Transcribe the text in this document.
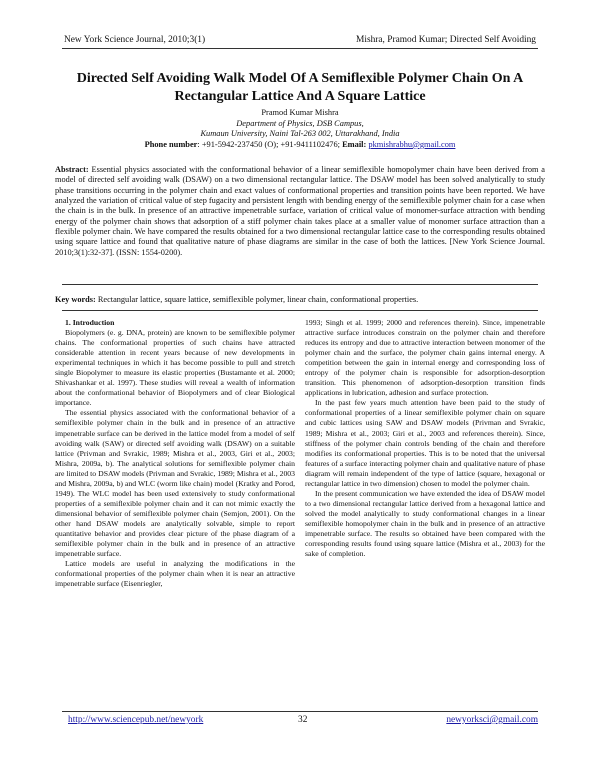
New York Science Journal, 2010;3(1)	Mishra, Pramod Kumar; Directed Self Avoiding
Directed Self Avoiding Walk Model Of A Semiflexible Polymer Chain On A Rectangular Lattice And A Square Lattice
Pramod Kumar Mishra
Department of Physics, DSB Campus,
Kumaun University, Naini Tal-263 002, Uttarakhand, India
Phone number: +91-5942-237450 (O); +91-9411102476; Email: pkmishrabhu@gmail.com

Abstract: Essential physics associated with the conformational behavior of a linear semiflexible homopolymer chain have been derived from a model of directed self avoiding walk (DSAW) on a two dimensional rectangular lattice. The DSAW model has been solved analytically to study phase transitions occurring in the polymer chain and exact values of conformational properties and transition points have been reported. We have analyzed the variation of critical value of step fugacity and persistent length with bending energy of the semiflexible polymer chain for a case when the chain is in the bulk. In presence of an attractive impenetrable surface, variation of critical value of monomer-surface attraction with bending energy of the polymer chain shows that adsorption of a stiff polymer chain takes place at a smaller value of monomer surface attraction than a flexible polymer chain. We have compared the results obtained for a two dimensional rectangular lattice case to the corresponding results obtained using square lattice and found that qualitative nature of phase diagrams are similar in the case of both the lattices. [New York Science Journal. 2010;3(1):32-37]. (ISSN: 1554-0200).

Key words: Rectangular lattice, square lattice, semiflexible polymer, linear chain, conformational properties.

1. Introduction

Biopolymers (e. g. DNA, protein) are known to be semiflexible polymer chains. The conformational properties of such chains have attracted considerable attention in recent years because of new developments in experimental techniques in which it has become possible to pull and stretch single Biopolymer to measure its elastic properties (Bustamante et al. 2000; Shivashankar et al. 1997). These studies will reveal a wealth of information about the conformational behavior of Biopolymers and of clear Biological importance.

The essential physics associated with the conformational behavior of a semiflexible polymer chain in the bulk and in presence of an attractive impenetrable surface can be derived in the lattice model from a model of self avoiding walk (SAW) or directed self avoiding walk (DSAW) on a suitable lattice (Privman and Svrakic, 1989; Mishra et al., 2003, Giri et al., 2003; Mishra, 2009a, b). The analytical solutions for semiflexible polymer chain are limited to DSAW models (Privman and Svrakic, 1989; Mishra et al., 2003 and Mishra, 2009a, b) and WLC (worm like chain) model (Kratky and Porod, 1949). The WLC model has been used extensively to study conformational properties of a semiflexible polymer chain and it can not mimic exactly the dimensional behavior of semiflexible polymer chain (Semjon, 2001). On the other hand DSAW models are analytically solvable, simple to report quantitative behavior and provides clear picture of the phase diagram of a semiflexible polymer chain in the bulk and in presence of an attractive impenetrable surface.

Lattice models are useful in analyzing the modifications in the conformational properties of the polymer chain when it is near an attractive impenetrable surface (Eisenriegler,

1993; Singh et al. 1999; 2000 and references therein). Since, impenetrable attractive surface introduces constrain on the polymer chain and therefore reduces its entropy and due to attractive interaction between monomer of the polymer chain and the surface, the polymer chain gains internal energy. A competition between the gain in internal energy and corresponding loss of entropy of the polymer chain is responsible for adsorption-desorption transition. This phenomenon of adsorption-desorption transition finds applications in lubrication, adhesion and surface protection.

In the past few years much attention have been paid to the study of conformational properties of a linear semiflexible polymer chain on square and cubic lattices using SAW and DSAW models (Privman and Svrakic, 1989; Mishra et al., 2003; Giri et al., 2003 and references therein). Since, stiffness of the polymer chain controls bending of the chain and therefore modifies its conformational properties. This is to be noted that the universal features of a surface interacting polymer chain and qualitative nature of phase diagram will remain independent of the type of lattice (square, hexagonal or rectangular lattice in two dimension) chosen to model the polymer chain.

In the present communication we have extended the idea of DSAW model to a two dimensional rectangular lattice derived from a hexagonal lattice and solved the model analytically to study conformational changes in a linear semiflexible homopolymer chain in the bulk and in presence of an attractive impenetrable surface. The results so obtained have been compared with the corresponding results found using square lattice (Mishra et al., 2003) for the sake of completion.

http://www.sciencepub.net/newyork	32	newyorksci@gmail.com
